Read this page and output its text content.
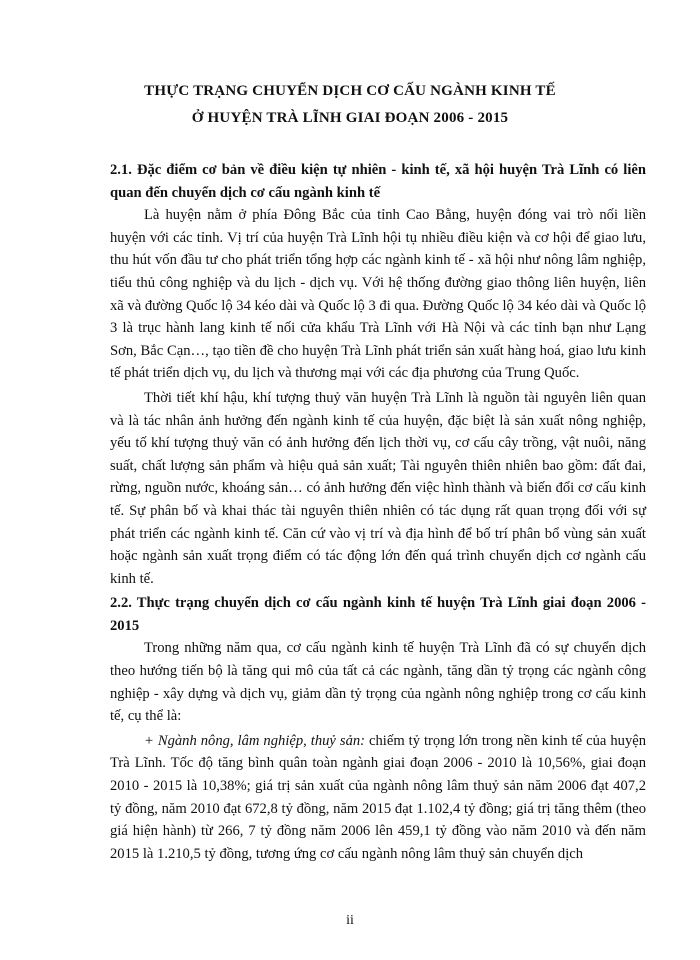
THỰC TRẠNG CHUYỂN DỊCH CƠ CẤU NGÀNH KINH TẾ

Ở HUYỆN TRÀ LĨNH GIAI ĐOẠN 2006 - 2015

2.1. Đặc điểm cơ bản về điều kiện tự nhiên - kinh tế, xã hội huyện Trà Lĩnh có liên quan đến chuyển dịch cơ cấu ngành kinh tế

Là huyện nằm ở phía Đông Bắc của tỉnh Cao Bằng, huyện đóng vai trò nối liền huyện với các tỉnh. Vị trí của huyện Trà Lĩnh hội tụ nhiều điều kiện và cơ hội để giao lưu, thu hút vốn đầu tư cho phát triển tổng hợp các ngành kinh tế - xã hội như nông lâm nghiệp, tiểu thủ công nghiệp và du lịch - dịch vụ. Với hệ thống đường giao thông liên huyện, liên xã và đường Quốc lộ 34 kéo dài và Quốc lộ 3 đi qua. Đường Quốc lộ 34 kéo dài và Quốc lộ 3 là trục hành lang kinh tế nối cửa khẩu Trà Lĩnh với Hà Nội và các tỉnh bạn như Lạng Sơn, Bắc Cạn…, tạo tiền đề cho huyện Trà Lĩnh phát triển sản xuất hàng hoá, giao lưu kinh tế phát triển dịch vụ, du lịch và thương mại với các địa phương của Trung Quốc.

Thời tiết khí hậu, khí tượng thuỷ văn huyện Trà Lĩnh là nguồn tài nguyên liên quan và là tác nhân ảnh hưởng đến ngành kinh tế của huyện, đặc biệt là sản xuất nông nghiệp, yếu tố khí tượng thuỷ văn có ảnh hưởng đến lịch thời vụ, cơ cấu cây trồng, vật nuôi, năng suất, chất lượng sản phẩm và hiệu quả sản xuất; Tài nguyên thiên nhiên bao gồm: đất đai, rừng, nguồn nước, khoáng sản… có ảnh hưởng đến việc hình thành và biến đổi cơ cấu kinh tế. Sự phân bố và khai thác tài nguyên thiên nhiên có tác dụng rất quan trọng đối với sự phát triển các ngành kinh tế. Căn cứ vào vị trí và địa hình để bố trí phân bổ vùng sản xuất hoặc ngành sản xuất trọng điểm có tác động lớn đến quá trình chuyển dịch cơ ngành cấu kinh tế.

2.2. Thực trạng chuyển dịch cơ cấu ngành kinh tế huyện Trà Lĩnh giai đoạn 2006 - 2015

Trong những năm qua, cơ cấu ngành kinh tế huyện Trà Lĩnh đã có sự chuyển dịch theo hướng tiến bộ là tăng qui mô của tất cả các ngành, tăng dần tỷ trọng các ngành công nghiệp - xây dựng và dịch vụ, giảm dần tỷ trọng của ngành nông nghiệp trong cơ cấu kinh tế, cụ thể là:

+ Ngành nông, lâm nghiệp, thuỷ sản: chiếm tỷ trọng lớn trong nền kinh tế của huyện Trà Lĩnh. Tốc độ tăng bình quân toàn ngành giai đoạn 2006 - 2010 là 10,56%, giai đoạn 2010 - 2015 là 10,38%; giá trị sản xuất của ngành nông lâm thuỷ sản năm 2006 đạt 407,2 tỷ đồng, năm 2010 đạt 672,8 tỷ đồng, năm 2015 đạt 1.102,4 tỷ đồng; giá trị tăng thêm (theo giá hiện hành) từ 266, 7 tỷ đồng năm 2006 lên 459,1 tỷ đồng vào năm 2010 và đến năm 2015 là 1.210,5 tỷ đồng, tương ứng cơ cấu ngành nông lâm thuỷ sản chuyển dịch

ii
